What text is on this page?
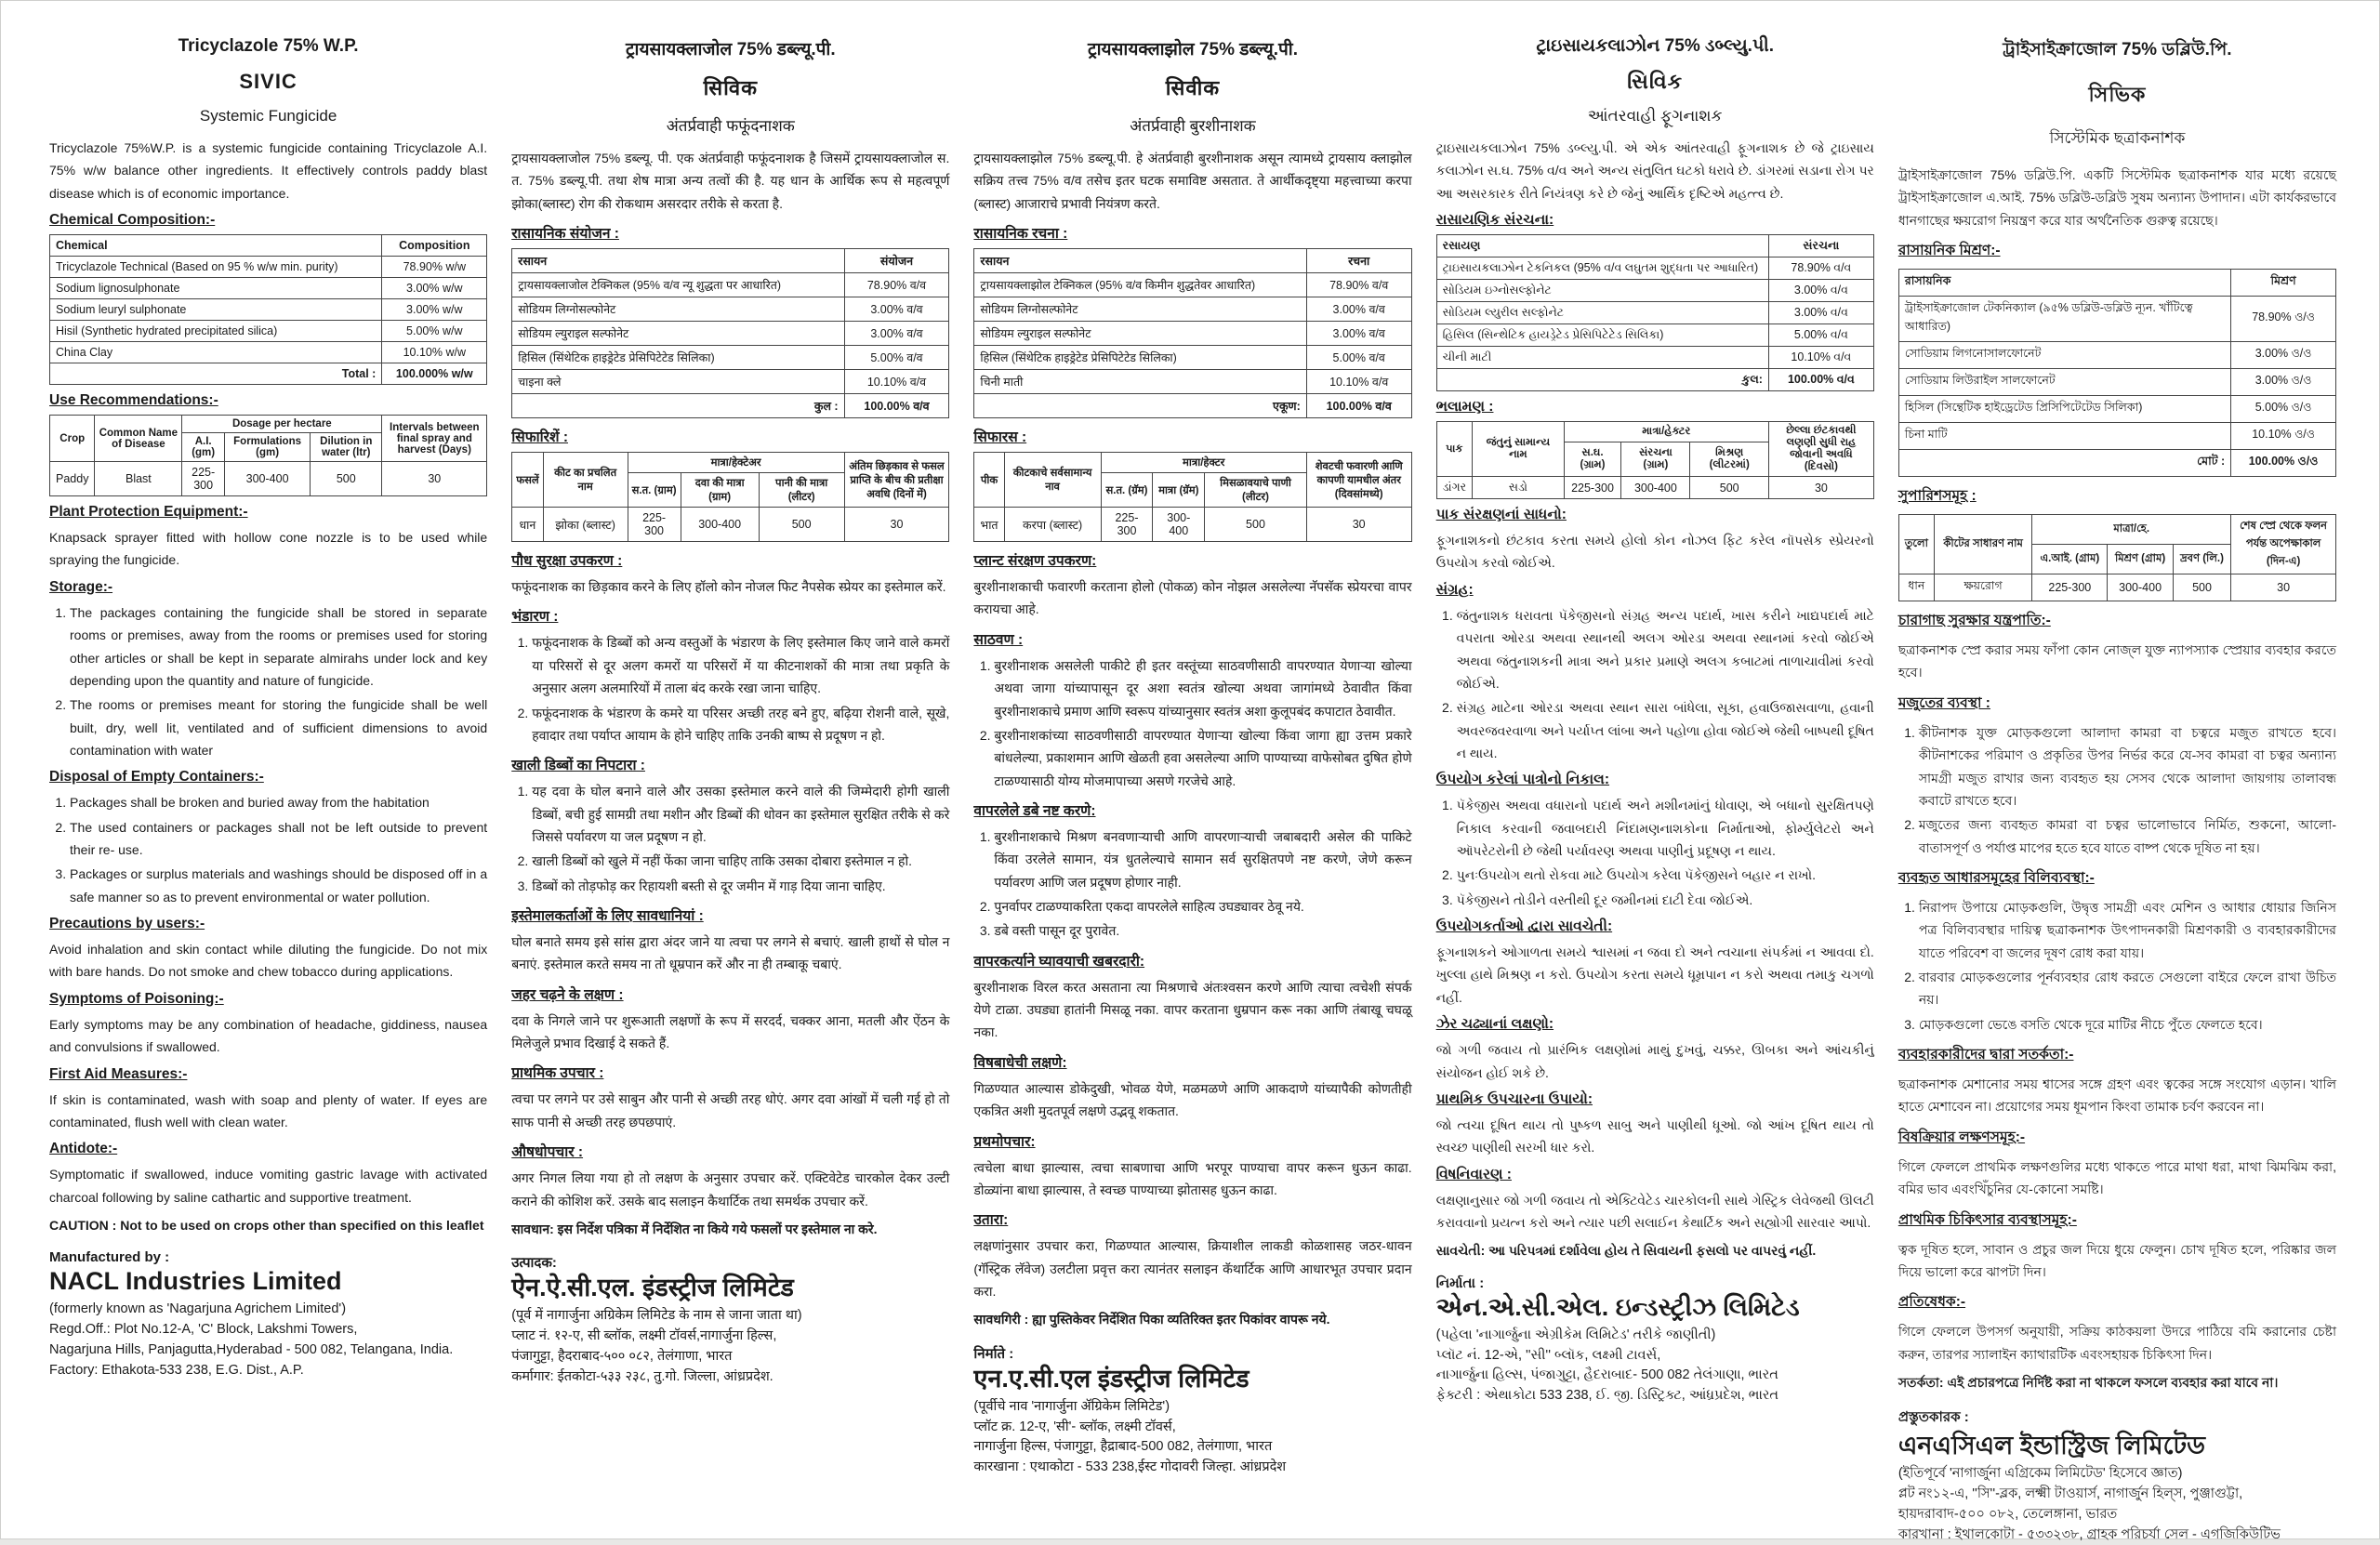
Tricyclazole 75% W.P.
SIVIC
Systemic Fungicide

Tricyclazole 75%W.P. is a systemic fungicide containing Tricyclazole A.I. 75% w/w balance other ingredients. It effectively controls paddy blast disease which is of economic importance.

Chemical Composition:-
Chemical	Composition
Tricyclazole Technical (Based on 95 % w/w min. purity)	78.90% w/w
Sodium lignosulphonate	3.00% w/w
Sodium leuryl sulphonate	3.00% w/w
Hisil (Synthetic hydrated precipitated silica)	5.00% w/w
China Clay	10.10% w/w
Total :	100.000% w/w
Use Recommendations:-
Crop	Common Name of Disease	Dosage per hectare			Intervals between final spray and harvest (Days)
		A.I. (gm)	Formulations (gm)	Dilution in water (ltr)	
Paddy	Blast	225-300	300-400	500	30
Plant Protection Equipment:-

Knapsack sprayer fitted with hollow cone nozzle is to be used while spraying the fungicide.

Storage:-
1. The packages containing the fungicide shall be stored in separate rooms or premises, away from the rooms or premises used for storing other articles or shall be kept in separate almirahs under lock and key depending upon the quantity and nature of fungicide.
2. The rooms or premises meant for storing the fungicide shall be well built, dry, well lit, ventilated and of sufficient dimensions to avoid contamination with water
Disposal of Empty Containers:-
1. Packages shall be broken and buried away from the habitation
2. The used containers or packages shall not be left outside to prevent their re- use.
3. Packages or surplus materials and washings should be disposed off in a safe manner so as to prevent environmental or water pollution.
Precautions by users:-

Avoid inhalation and skin contact while diluting the fungicide. Do not mix with bare hands. Do not smoke and chew tobacco during applications.

Symptoms of Poisoning:-

Early symptoms may be any combination of headache, giddiness, nausea and convulsions if swallowed.

First Aid Measures:-

If skin is contaminated, wash with soap and plenty of water. If eyes are contaminated, flush well with clean water.

Antidote:-

Symptomatic if swallowed, induce vomiting gastric lavage with activated charcoal following by saline cathartic and supportive treatment.

CAUTION : Not to be used on crops other than specified on this leaflet

Manufactured by :
NACL Industries Limited
(formerly known as 'Nagarjuna Agrichem Limited')
Regd.Off.: Plot No.12-A, 'C' Block, Lakshmi Towers,
Nagarjuna Hills, Panjagutta,Hyderabad - 500 082, Telangana, India.
Factory: Ethakota-533 238, E.G. Dist., A.P.
ट्रायसायक्लाजोल 75% डब्ल्यू.पी.
सिविक
अंतर्प्रवाही फफूंदनाशक

ट्रायसायक्लाजोल 75% डब्ल्यू. पी. एक अंतर्प्रवाही फफूंदनाशक है जिसमें ट्रायसायक्लाजोल स. त. 75% डब्ल्यू.पी. तथा शेष मात्रा अन्य तत्वों की है. यह धान के आर्थिक रूप से महत्वपूर्ण झोका(ब्लास्ट) रोग की रोकथाम असरदार तरीके से करता है.

रासायनिक संयोजन :
रसायन	संयोजन
ट्रायसायक्लाजोल टेक्निकल (95% व/व न्यू शुद्धता पर आधारित)	78.90% व/व
सोडियम लिग्नोसल्फोनेट	3.00% व/व
सोडियम ल्युराइल सल्फोनेट	3.00% व/व
हिसिल (सिंथेटिक हाइड्रेटेड प्रेसिपिटेटेड सिलिका)	5.00% व/व
चाइना क्ले	10.10% व/व
कुल :	100.00% व/व
सिफारिशें :
फसलें	कीट का प्रचलित नाम	मात्रा/हेक्टेअर			अंतिम छिड़काव से फसल प्राप्ति के बीच की प्रतीक्षा अवधि (दिनों में)
		स.त. (ग्राम)	दवा की मात्रा (ग्राम)	पानी की मात्रा (लीटर)	
धान	झोका (ब्लास्ट)	225-300	300-400	500	30
पौध सुरक्षा उपकरण :

फफूंदनाशक का छिड़काव करने के लिए हॉलो कोन नोजल फिट नैपसेक स्प्रेयर का इस्तेमाल करें.

भंडारण :
1. फफूंदनाशक के डिब्बों को अन्य वस्तुओं के भंडारण के लिए इस्तेमाल किए जाने वाले कमरों या परिसरों से दूर अलग कमरों या परिसरों में या कीटनाशकों की मात्रा तथा प्रकृति के अनुसार अलग अलमारियों में ताला बंद करके रखा जाना चाहिए.
2. फफूंदनाशक के भंडारण के कमरे या परिसर अच्छी तरह बने हुए, बढ़िया रोशनी वाले, सूखे, हवादार तथा पर्याप्त आयाम के होने चाहिए ताकि उनकी बाष्प से प्रदूषण न हो.
खाली डिब्बों का निपटारा :
1. यह दवा के घोल बनाने वाले और उसका इस्तेमाल करने वाले की जिम्मेदारी होगी खाली डिब्बों, बची हुई सामग्री तथा मशीन और डिब्बों की धोवन का इस्तेमाल सुरक्षित तरीके से करे जिससे पर्यावरण या जल प्रदूषण न हो.
2. खाली डिब्बों को खुले में नहीं फेंका जाना चाहिए ताकि उसका दोबारा इस्तेमाल न हो.
3. डिब्बों को तोड़फोड़ कर रिहायशी बस्ती से दूर जमीन में गाड़ दिया जाना चाहिए.
इस्तेमालकर्ताओं के लिए सावधानियां :

घोल बनाते समय इसे सांस द्वारा अंदर जाने या त्वचा पर लगने से बचाएं. खाली हाथों से घोल न बनाएं. इस्तेमाल करते समय ना तो धूम्रपान करें और ना ही तम्बाकू चबाएं.

जहर चढ़ने के लक्षण :

दवा के निगले जाने पर शुरूआती लक्षणों के रूप में सरदर्द, चक्कर आना, मतली और ऐंठन के मिलेजुले प्रभाव दिखाई दे सकते हैं.

प्राथमिक उपचार :

त्वचा पर लगने पर उसे साबुन और पानी से अच्छी तरह धोएं. अगर दवा आंखों में चली गई हो तो साफ पानी से अच्छी तरह छपछपाएं.

औषधोपचार :

अगर निगल लिया गया हो तो लक्षण के अनुसार उपचार करें. एक्टिवेटेड चारकोल देकर उल्टी कराने की कोशिश करें. उसके बाद सलाइन कैथार्टिक तथा समर्थक उपचार करें.

सावधान: इस निर्देश पत्रिका में निर्देशित ना किये गये फसलों पर इस्तेमाल ना करे.

उत्पादक:
ऐन.ऐ.सी.एल. इंडस्ट्रीज लिमिटेड
(पूर्व में नागार्जुना अग्रिकेम लिमिटेड के नाम से जाना जाता था)
प्लाट नं. १२-ए, सी ब्लॉक, लक्ष्मी टॉवर्स,नागार्जुना हिल्स,
पंजागुट्टा, हैदराबाद-५०० ०८२, तेलंगाणा, भारत
कर्मागार: ईतकोटा-५३३ २३८, तु.गो. जिल्ला, आंध्रप्रदेश.
ट्रायसायक्लाझोल 75% डब्ल्यू.पी.
सिवीक
अंतर्प्रवाही बुरशीनाशक

ट्रायसायक्लाझोल 75% डब्ल्यू.पी. हे अंतर्प्रवाही बुरशीनाशक असून त्यामध्ये ट्रायसाय क्लाझोल सक्रिय तत्त्व 75% व/व तसेच इतर घटक समाविष्ट असतात. ते आर्थीकदृष्ट्या महत्त्वाच्या करपा (ब्लास्ट) आजाराचे प्रभावी नियंत्रण करते.

रासायनिक रचना :
रसायन	रचना
ट्रायसायक्लाझोल टेक्निकल (95% व/व किमीन शुद्धतेवर आधारित)	78.90% व/व
सोडियम लिग्नोसल्फोनेट	3.00% व/व
सोडियम ल्युराइल सल्फोनेट	3.00% व/व
हिसिल (सिंथेटिक हाइड्रेटेड प्रेसिपिटेटेड सिलिका)	5.00% व/व
चिनी माती	10.10% व/व
एकूण:	100.00% व/व
सिफारस :
पीक	कीटकाचे सर्वसामान्य नाव	मात्रा/हेक्टर			शेवटची फवारणी आणि कापणी यामधील अंतर (दिवसांमध्ये)
		स.त. (ग्रॅम)	मात्रा (ग्रॅम)	मिसळावयाचे पाणी (लीटर)	
भात	करपा (ब्लास्ट)	225-300	300-400	500	30
प्लान्ट संरक्षण उपकरण:

बुरशीनाशकाची फवारणी करताना होलो (पोकळ) कोन नोझल असलेल्या नॅपसॅक स्प्रेयरचा वापर करायचा आहे.

साठवण :
1. बुरशीनाशक असलेली पाकीटे ही इतर वस्तूंच्या साठवणीसाठी वापरण्यात येणाऱ्या खोल्या अथवा जागा यांच्यापासून दूर अशा स्वतंत्र खोल्या अथवा जागांमध्ये ठेवावीत किंवा बुरशीनाशकाचे प्रमाण आणि स्वरूप यांच्यानुसार स्वतंत्र अशा कुलूपबंद कपाटात ठेवावीत.
2. बुरशीनाशकांच्या साठवणीसाठी वापरण्यात येणाऱ्या खोल्या किंवा जागा ह्या उत्तम प्रकारे बांधलेल्या, प्रकाशमान आणि खेळती हवा असलेल्या आणि पाण्याच्या वाफेसोबत दुषित होणे टाळण्यासाठी योग्य मोजमापाच्या असणे गरजेचे आहे.
वापरलेले डबे नष्ट करणे:
1. बुरशीनाशकाचे मिश्रण बनवणाऱ्याची आणि वापरणाऱ्याची जबाबदारी असेल की पाकिटे किंवा उरलेले सामान, यंत्र धुतलेल्याचे सामान सर्व सुरक्षितपणे नष्ट करणे, जेणे करून पर्यावरण आणि जल प्रदूषण होणार नाही.
2. पुनर्वापर टाळण्याकरिता एकदा वापरलेले साहित्य उघड्यावर ठेवू नये.
3. डबे वस्ती पासून दूर पुरावेत.
वापरकर्त्याने घ्यावयाची खबरदारी:

बुरशीनाशक विरल करत असताना त्या मिश्रणाचे अंतःश्वसन करणे आणि त्याचा त्वचेशी संपर्क येणे टाळा. उघड्या हातांनी मिसळू नका. वापर करताना धुम्रपान करू नका आणि तंबाखू चघळू नका.

विषबाधेची लक्षणे:

गिळण्यात आल्यास डोकेदुखी, भोवळ येणे, मळमळणे आणि आकदाणे यांच्यापैकी कोणतीही एकत्रित अशी मुदतपूर्व लक्षणे उद्भवू शकतात.

प्रथमोपचार:

त्वचेला बाधा झाल्यास, त्वचा साबणाचा आणि भरपूर पाण्याचा वापर करून धुऊन काढा. डोळ्यांना बाधा झाल्यास, ते स्वच्छ पाण्याच्या झोतासह धुऊन काढा.

उतारा:

लक्षणांनुसार उपचार करा, गिळण्यात आल्यास, क्रियाशील लाकडी कोळशासह जठर-धावन (गॅस्ट्रिक लॅवेज) उलटीला प्रवृत्त करा त्यानंतर सलाइन कॅथार्टिक आणि आधारभूत उपचार प्रदान करा.

सावधगिरी : ह्या पुस्तिकेवर निर्देशित पिका व्यतिरिक्त इतर पिकांवर वापरू नये.

निर्माते :
एन.ए.सी.एल इंडस्ट्रीज लिमिटेड
(पूर्वीचे नाव 'नागार्जुना ॲग्रिकेम लिमिटेड')
प्लॉट क्र. 12-ए, 'सी'- ब्लॉक, लक्ष्मी टॉवर्स,
नागार्जुना हिल्स, पंजागुट्टा, हैद्राबाद-500 082, तेलंगाणा, भारत
कारखाना : एथाकोटा - 533 238,ईस्ट गोदावरी जिल्हा. आंध्रप्रदेश
ટ્રાઇસાયકલાઝોન 75% ડબ્લ્યુ.પી.
સિવિક
આંતરવાહી ફૂગનાશક

ટ્રાઇસાયકલાઝોન 75% ડબ્લ્યુ.પી. એ એક આંતરવાહી ફૂગનાશક છે જે ટ્રાઇસાય કલાઝોન સ.ઘ. 75% વ/વ અને અન્ય સંતુલિત ઘટકો ધરાવે છે. ડાંગરમાં સડાના રોગ પર આ અસરકારક રીતે નિયંત્રણ કરે છે જેનું આર્થિક દૃષ્ટિએ મહત્ત્વ છે.

રાસાયણિક સંરચના:
રસાયણ	સંરચના
ટ્રાઇસાયકલાઝોન ટેકનિકલ (95% વ/વ લઘુતમ શુદ્ધતા પર આધારિત)	78.90% વ/વ
સોડિયમ ઇગ્નોસલ્ફોનેટ	3.00% વ/વ
સોડિયમ લ્યુરીલ સલ્ફોનેટ	3.00% વ/વ
હિસિલ (સિન્થેટિક હાયડ્રેટેડ પ્રેસિપિટેટેડ સિલિકા)	5.00% વ/વ
ચીની માટી	10.10% વ/વ
કુલ:	100.00% વ/વ
ભલામણ :
પાક	જંતુનું સામાન્ય નામ	માત્રા/હેક્ટર			છેલ્લા છંટકાવથી લણણી સુધી રાહ જોવાની અવધિ (દિવસો)
		સ.ઘ. (ગ્રામ)	સંરચના (ગ્રામ)	મિશ્રણ (લીટરમાં)	
ડાંગર	સડો	225-300	300-400	500	30
પાક સંરક્ષણનાં સાધનો:

ફૂગનાશકનો છંટકાવ કરતા સમયે હોલો કોન નોઝલ ફિટ કરેલ નૉપસેક સ્પ્રેયરનો ઉપયોગ કરવો જોઈએ.

સંગ્રહ:
1. જંતુનાશક ધરાવતા પૅકેજીસનો સંગ્રહ અન્ય પદાર્થ, ખાસ કરીને ખાદ્યપદાર્થ માટે વપરાતા ઓરડા અથવા સ્થાનથી અલગ ઓરડા અથવા સ્થાનમાં કરવો જોઈએ અથવા જંતુનાશકની માત્રા અને પ્રકાર પ્રમાણે અલગ કબાટમાં તાળાચાવીમાં કરવો જોઈએ.
2. સંગ્રહ માટેના ઓરડા અથવા સ્થાન સારા બાંધેલા, સૂકા, હવાઉજાસવાળા, હવાની અવરજવરવાળા અને પર્યાપ્ત લાંબા અને પહોળા હોવા જોઈએ જેથી બાષ્પથી દૂષિત ન થાય.
ઉપયોગ કરેલાં પાત્રોનો નિકાલ:
1. પૅકેજીસ અથવા વધારાનો પદાર્થ અને મશીનમાંનું ધોવાણ, એ બધાનો સુરક્ષિતપણે નિકાલ કરવાની જવાબદારી નિંદામણનાશકોના નિર્માતાઓ, ફોર્મ્યુલેટરો અને ઑપરેટરોની છે જેથી પર્યાવરણ અથવા પાણીનું પ્રદૂષણ ન થાય.
2. પુનઃઉપયોગ થતો રોકવા માટે ઉપયોગ કરેલા પૅકેજીસને બહાર ન રાખો.
3. પૅકેજીસને તોડીને વસ્તીથી દૂર જમીનમાં દાટી દેવા જોઈએ.
ઉપયોગકર્તાઓ દ્વારા સાવચેતી:

ફૂગનાશકને ઓગાળતા સમયે શ્વાસમાં ન જવા દો અને ત્વચાના સંપર્કમાં ન આવવા દો. ખુલ્લા હાથે મિશ્રણ ન કરો. ઉપયોગ કરતા સમયે ધૂમ્રપાન ન કરો અથવા તમાકુ ચગળો નહીં.

ઝેર ચઢ્યાનાં લક્ષણો:

જો ગળી જવાય તો પ્રારંભિક લક્ષણોમાં માથું દુખવું, ચક્કર, ઊબકા અને આંચકીનું સંયોજન હોઈ શકે છે.

પ્રાથમિક ઉપચારના ઉપાયો:

જો ત્વચા દૂષિત થાય તો પુષ્કળ સાબુ અને પાણીથી ધૂઓ. જો આંખ દૂષિત થાય તો સ્વચ્છ પાણીથી સરખી ધાર કરો.

વિષનિવારણ :

લક્ષણાનુસાર જો ગળી જવાય તો એક્ટિવેટેડ ચારકોલની સાથે ગેસ્ટ્રિક લેવેજથી ઊલટી કરાવવાનો પ્રયત્ન કરો અને ત્યાર પછી સલાઈન કેથાર્ટિક અને સહ્યોગી સારવાર આપો.

સાવચેતી: આ પરિપત્રમાં દર્શાવેલા હોય તે સિવાયની ફસલો પર વાપરવું નહીં.

નિર્માતા :
એન.એ.સી.એલ. ઇન્ડસ્ટ્રીઝ લિમિટેડ
(પહેલા 'નાગાર્જુના એગ્રીકેમ લિમિટેડ' તરીકે જાણીતી)
પ્લૉટ નં. 12-એ, ''સી'' બ્લૉક, લક્ષ્મી ટાવર્સ,
નાગાર્જુના હિલ્સ, પંજાગુટ્ટા, હૈદરાબાદ- 500 082 તેલંગાણા, ભારત
ફેક્ટરી : એથાકોટા 533 238, ઈ. જી. ડિસ્ટ્રિક્ટ, આંધ્રપ્રદેશ, ભારત
ট্রাইসাইক্রাজোল 75% ডব্লিউ.পি.
সিভিক
সিস্টেমিক ছত্রাকনাশক

ট্রাইসাইক্রাজোল 75% ডব্লিউ.পি. একটি সিস্টেমিক ছত্রাকনাশক যার মধ্যে রয়েছে ট্রাইসাইক্রাজোল এ.আই. 75% ডব্লিউ-ডব্লিউ সুষম অন্যান্য উপাদান। এটা কার্যকরভাবে ধানগাছের ক্ষয়রোগ নিয়ন্ত্রণ করে যার অর্থনৈতিক গুরুত্ব রয়েছে।

রাসায়নিক মিশ্রণ:-
রাসায়নিক	মিশ্রণ
ট্রাইসাইক্রাজোল টেকনিক্যাল (৯৫% ডব্লিউ-ডব্লিউ ন্যূন. খাঁটিত্বে আধারিত)	78.90% ও/ও
সোডিয়াম লিগনোসালফোনেট	3.00% ও/ও
সোডিয়াম লিউরাইল সালফোনেট	3.00% ও/ও
হিসিল (সিন্থেটিক হাইড্রেটেড প্রিসিপিটেটেড সিলিকা)	5.00% ও/ও
চিনা মাটি	10.10% ও/ও
মোট :	100.00% ও/ও
সুপারিশসমূহ :
তুলো	কীটের সাধারণ নাম	মাত্রা/হে.			শেষ স্প্রে থেকে ফলন পর্যন্ত অপেক্ষাকাল (দিন-এ)
		এ.আই. (গ্রাম)	মিশ্রণ (গ্রাম)	দ্রবণ (লি.)	
ধান	ক্ষয়রোগ	225-300	300-400	500	30
চারাগাছ সুরক্ষার যন্ত্রপাতি:-

ছত্রাকনাশক স্প্রে করার সময় ফাঁপা কোন নোজ্ল যুক্ত ন্যাপস্যাক স্প্রেয়ার ব্যবহার করতে হবে।

মজুতের ব্যবস্থা :
1. কীটনাশক যুক্ত মোড়কগুলো আলাদা কামরা বা চত্বরে মজুত রাখতে হবে। কীটনাশকের পরিমাণ ও প্রকৃতির উপর নির্ভর করে যে-সব কামরা বা চত্বর অন্যান্য সামগ্রী মজুত রাখার জন্য ব্যবহৃত হয় সেসব থেকে আলাদা জায়গায় তালাবন্ধ কবাটে রাখতে হবে।
2. মজুতের জন্য ব্যবহৃত কামরা বা চত্বর ভালোভাবে নির্মিত, শুকনো, আলো-বাতাসপূর্ণ ও পর্যাপ্ত মাপের হতে হবে যাতে বাষ্প থেকে দূষিত না হয়।
ব্যবহৃত আধারসমূহের বিলিব্যবস্থা:-
1. নিরাপদ উপায়ে মোড়কগুলি, উদ্বৃত্ত সামগ্রী এবং মেশিন ও আধার ধোয়ার জিনিস পত্র বিলিব্যবস্থার দায়িত্ব ছত্রাকনাশক উৎপাদনকারী মিশ্রণকারী ও ব্যবহারকারীদের যাতে পরিবেশ বা জলের দূষণ রোধ করা যায়।
2. বারবার মোড়কগুলোর পূর্নব্যবহার রোধ করতে সেগুলো বাইরে ফেলে রাখা উচিত নয়।
3. মোড়কগুলো ভেঙে বসতি থেকে দূরে মাটির নীচে পুঁতে ফেলতে হবে।
ব্যবহারকারীদের দ্বারা সতর্কতা:-

ছত্রাকনাশক মেশানোর সময় শ্বাসের সঙ্গে গ্রহণ এবং ত্বকের সঙ্গে সংযোগ এড়ান। খালি হাতে মেশাবেন না। প্রয়োগের সময় ধূমপান কিংবা তামাক চর্বণ করবেন না।

বিষক্রিয়ার লক্ষণসমূহ:-

গিলে ফেললে প্রাথমিক লক্ষণগুলির মধ্যে থাকতে পারে মাথা ধরা, মাথা ঝিমঝিম করা, বমির ভাব এবংখিঁচুনির যে-কোনো সমষ্টি।

প্রাথমিক চিকিৎসার ব্যবস্থাসমূহ:-

ত্বক দূষিত হলে, সাবান ও প্রচুর জল দিয়ে ধুয়ে ফেলুন। চোখ দূষিত হলে, পরিষ্কার জল দিয়ে ভালো করে ঝাপটা দিন।

প্রতিষেধক:-

গিলে ফেললে উপসর্গ অনুযায়ী, সক্রিয় কাঠকয়লা উদরে পাঠিয়ে বমি করানোর চেষ্টা করুন, তারপর স্যালাইন ক্যাথারটিক এবংসহায়ক চিকিৎসা দিন।

সতর্কতা: এই প্রচারপত্রে নির্দিষ্ট করা না থাকলে ফসলে ব্যবহার করা যাবে না।

প্রস্তুতকারক :
এনএসিএল ইন্ডাস্ট্রিজ লিমিটেড
(ইতিপূর্বে 'নাগার্জুনা এগ্রিকেম লিমিটেড' হিসেবে জ্ঞাত)
প্লট নং১২-এ, ''সি''-ব্লক, লক্ষ্মী টাওয়ার্স, নাগার্জুন হিল্স, পুঞ্জাগুট্টা,
হায়দরাবাদ-৫০০ ০৮২, তেলেঙ্গানা, ভারত
কারখানা : ইথালকোটা - ৫৩৩২৩৮, গ্রাহক পরিচর্যা সেল - এগজিকিউটিভ
